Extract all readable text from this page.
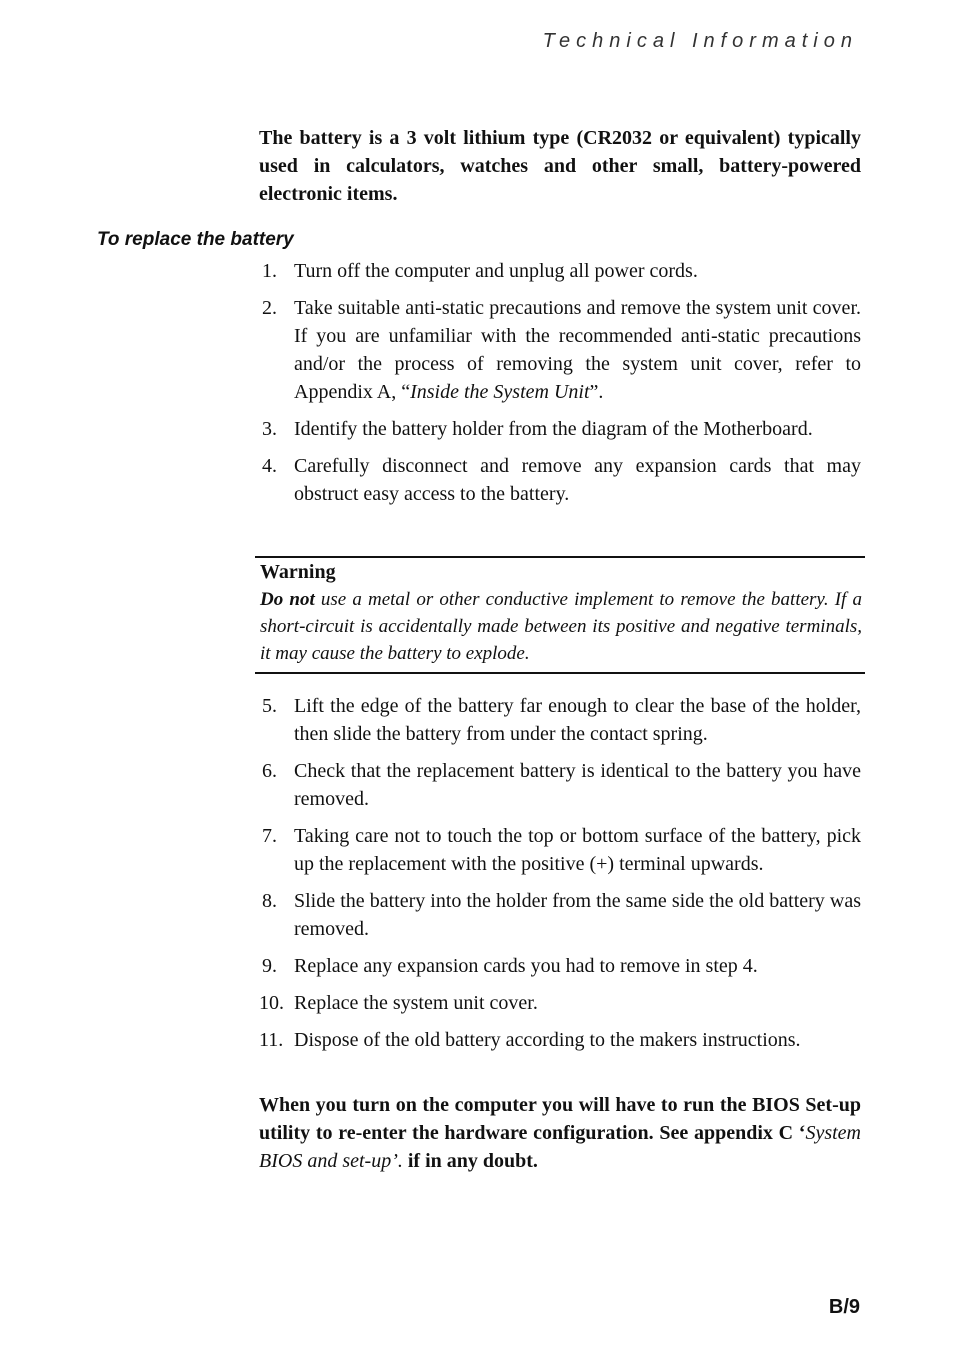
Technical Information

The battery is a 3 volt lithium type (CR2032 or equivalent) typically used in calculators, watches and other small, battery-powered electronic items.

To replace the battery
1. Turn off the computer and unplug all power cords.
2. Take suitable anti-static precautions and remove the system unit cover. If you are unfamiliar with the recommended anti-static precautions and/or the process of removing the system unit cover, refer to Appendix A, “Inside the System Unit”.
3. Identify the battery holder from the diagram of the Motherboard.
4. Carefully disconnect and remove any expansion cards that may obstruct easy access to the battery.
Warning
Do not use a metal or other conductive implement to remove the battery. If a short-circuit is accidentally made between its positive and negative terminals, it may cause the battery to explode.
5. Lift the edge of the battery far enough to clear the base of the holder, then slide the battery from under the contact spring.
6. Check that the replacement battery is identical to the battery you have removed.
7. Taking care not to touch the top or bottom surface of the battery, pick up the replacement with the positive (+) terminal upwards.
8. Slide the battery into the holder from the same side the old battery was removed.
9. Replace any expansion cards you had to remove in step 4.
10. Replace the system unit cover.
11. Dispose of the old battery according to the makers instructions.

When you turn on the computer you will have to run the BIOS Set-up utility to re-enter the hardware configuration. See appendix C ‘System BIOS and set-up’. if in any doubt.

B/9
